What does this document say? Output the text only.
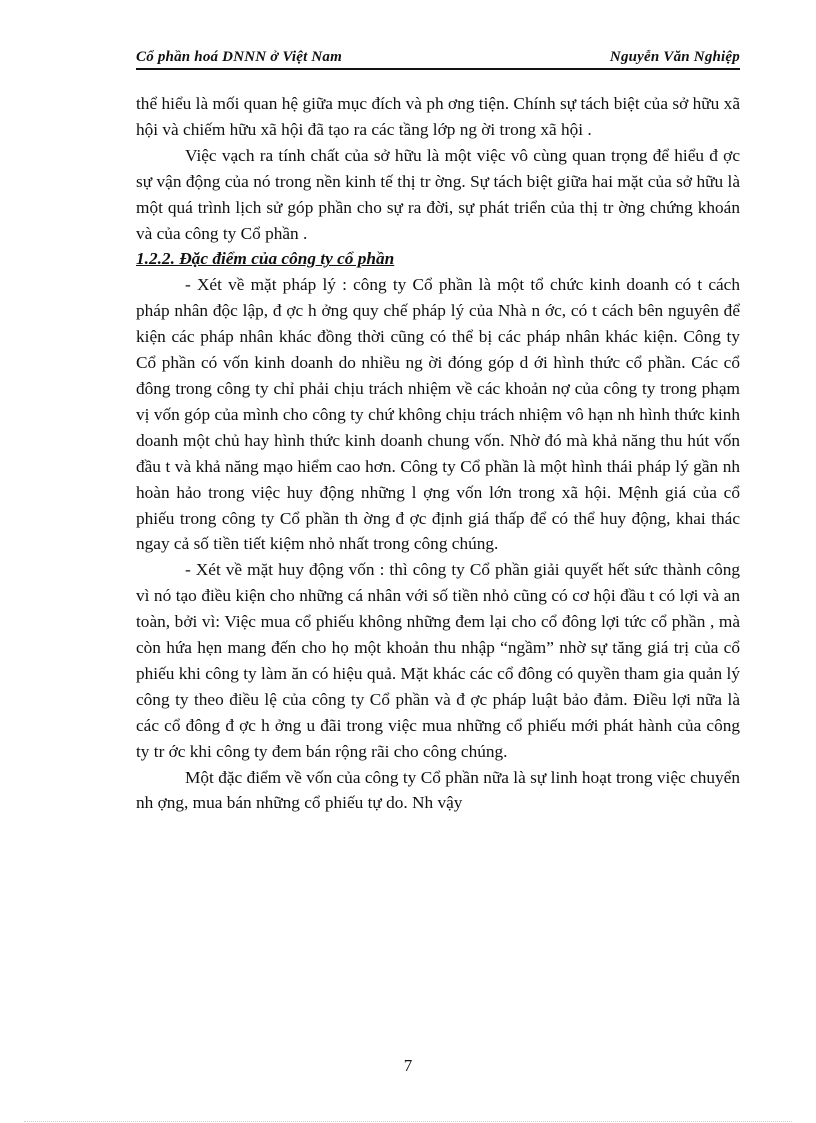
Cổ phần hoá DNNN ở Việt Nam	Nguyễn Văn Nghiệp

thể hiểu là mối quan hệ giữa mục đích và ph ơng tiện. Chính sự tách biệt của sở hữu xã hội và chiếm hữu xã hội đã tạo ra các tầng lớp ng ời trong xã hội .

Việc vạch ra tính chất của sở hữu là một việc vô cùng quan trọng để hiểu đ ợc sự vận động của nó trong nền kinh tế thị tr ờng. Sự tách biệt giữa hai mặt của sở hữu là một quá trình lịch sử góp phần cho sự ra đời, sự phát triển của thị tr ờng chứng khoán và của công ty Cổ phần .

1.2.2. Đặc điểm của công ty cổ phần

- Xét về mặt pháp lý : công ty Cổ phần là một tổ chức kinh doanh có t cách pháp nhân độc lập, đ ợc h ởng quy chế pháp lý của Nhà n ớc, có t cách bên nguyên để kiện các pháp nhân khác đồng thời cũng có thể bị các pháp nhân khác kiện. Công ty Cổ phần có vốn kinh doanh do nhiều ng ời đóng góp d ới hình thức cổ phần. Các cổ đông trong công ty chỉ phải chịu trách nhiệm về các khoản nợ của công ty trong phạm vị vốn góp của mình cho công ty chứ không chịu trách nhiệm vô hạn nh hình thức kinh doanh một chủ hay hình thức kinh doanh chung vốn. Nhờ đó mà khả năng thu hút vốn đầu t và khả năng mạo hiểm cao hơn. Công ty Cổ phần là một hình thái pháp lý gần nh hoàn hảo trong việc huy động những l ợng vốn lớn trong xã hội. Mệnh giá của cổ phiếu trong công ty Cổ phần th ờng đ ợc định giá thấp để có thể huy động, khai thác ngay cả số tiền tiết kiệm nhỏ nhất trong công chúng.

- Xét về mặt huy động vốn : thì công ty Cổ phần giải quyết hết sức thành công vì nó tạo điều kiện cho những cá nhân với số tiền nhỏ cũng có cơ hội đầu t có lợi và an toàn, bởi vì: Việc mua cổ phiếu không những đem lại cho cổ đông lợi tức cổ phần , mà còn hứa hẹn mang đến cho họ một khoản thu nhập “ngầm” nhờ sự tăng giá trị của cổ phiếu khi công ty làm ăn có hiệu quả. Mặt khác các cổ đông có quyền tham gia quản lý công ty theo điều lệ của công ty Cổ phần và đ ợc pháp luật bảo đảm. Điều lợi nữa là các cổ đông đ ợc h ởng u đãi trong việc mua những cổ phiếu mới phát hành của công ty tr ớc khi công ty đem bán rộng rãi cho công chúng.

Một đặc điểm về vốn của công ty Cổ phần nữa là sự linh hoạt trong việc chuyển nh ợng, mua bán những cổ phiếu tự do. Nh vậy

7
